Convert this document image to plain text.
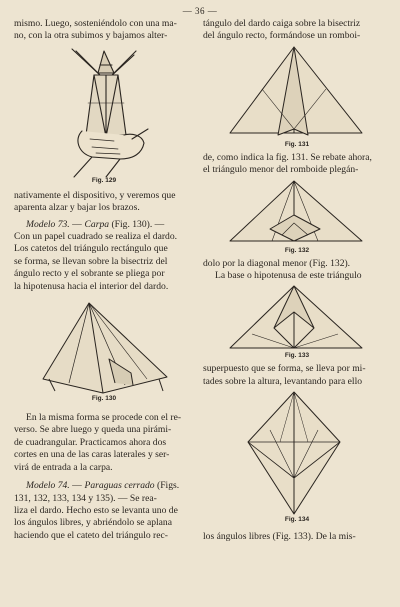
— 36 —

mismo. Luego, sosteniéndolo con una ma-
no, con la otra subimos y bajamos alter-

Fig. 129

nativamente el dispositivo, y veremos que
aparenta alzar y bajar los brazos.

Modelo 73. — Carpa (Fig. 130). —
Con un papel cuadrado se realiza el dardo.
Los catetos del triángulo rectángulo que
se forma, se llevan sobre la bisectriz del
ángulo recto y el sobrante se pliega por
la hipotenusa hacia el interior del dardo.

Fig. 130

En la misma forma se procede con el re-
verso. Se abre luego y queda una pirámi-
de cuadrangular. Practicamos ahora dos
cortes en una de las caras laterales y ser-
virá de entrada a la carpa.

Modelo 74. — Paraguas cerrado (Figs.
131, 132, 133, 134 y 135). — Se rea-
liza el dardo. Hecho esto se levanta uno de
los ángulos libres, y abriéndolo se aplana
haciendo que el cateto del triángulo rec-

tángulo del dardo caiga sobre la bisectriz
del ángulo recto, formándose un romboi-

Fig. 131

de, como indica la fig. 131. Se rebate ahora,
el triángulo menor del romboide plegán-

Fig. 132

dolo por la diagonal menor (Fig. 132).
La base o hipotenusa de este triángulo

Fig. 133

superpuesto que se forma, se lleva por mi-
tades sobre la altura, levantando para ello

Fig. 134

los ángulos libres (Fig. 133). De la mis-
